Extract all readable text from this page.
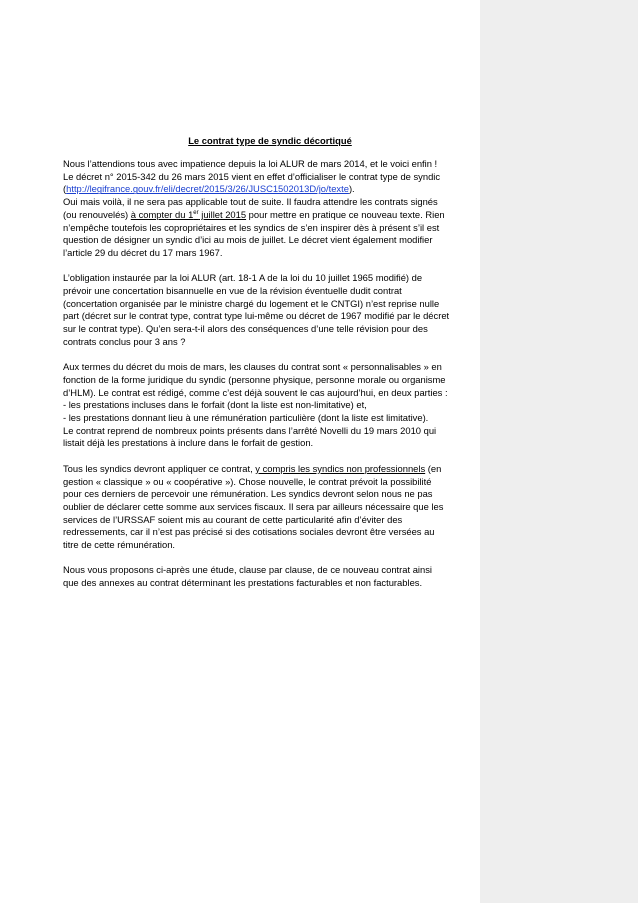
Le contrat type de syndic décortiqué

Nous l’attendions tous avec impatience depuis la loi ALUR de mars 2014, et le voici enfin !
Le décret n° 2015-342 du 26 mars 2015 vient en effet d’officialiser le contrat type de syndic
(http://legifrance.gouv.fr/eli/decret/2015/3/26/JUSC1502013D/jo/texte).
Oui mais voilà, il ne sera pas applicable tout de suite. Il faudra attendre les contrats signés
(ou renouvelés) à compter du 1er juillet 2015 pour mettre en pratique ce nouveau texte. Rien
n’empêche toutefois les copropriétaires et les syndics de s’en inspirer dès à présent s’il est
question de désigner un syndic d’ici au mois de juillet. Le décret vient également modifier
l’article 29 du décret du 17 mars 1967.

L’obligation instaurée par la loi ALUR (art. 18-1 A de la loi du 10 juillet 1965 modifié) de
prévoir une concertation bisannuelle en vue de la révision éventuelle dudit contrat
(concertation organisée par le ministre chargé du logement et le CNTGI) n’est reprise nulle
part (décret sur le contrat type, contrat type lui-même ou décret de 1967 modifié par le décret
sur le contrat type). Qu’en sera-t-il alors des conséquences d’une telle révision pour des
contrats conclus pour 3 ans ?

Aux termes du décret du mois de mars, les clauses du contrat sont « personnalisables » en
fonction de la forme juridique du syndic (personne physique, personne morale ou organisme
d’HLM). Le contrat est rédigé, comme c’est déjà souvent le cas aujourd’hui, en deux parties :
- les prestations incluses dans le forfait (dont la liste est non-limitative) et,
- les prestations donnant lieu à une rémunération particulière (dont la liste est limitative).
Le contrat reprend de nombreux points présents dans l’arrêté Novelli du 19 mars 2010 qui
listait déjà les prestations à inclure dans le forfait de gestion.

Tous les syndics devront appliquer ce contrat, y compris les syndics non professionnels (en
gestion « classique » ou « coopérative »). Chose nouvelle, le contrat prévoit la possibilité
pour ces derniers de percevoir une rémunération. Les syndics devront selon nous ne pas
oublier de déclarer cette somme aux services fiscaux. Il sera par ailleurs nécessaire que les
services de l’URSSAF soient mis au courant de cette particularité afin d’éviter des
redressements, car il n’est pas précisé si des cotisations sociales devront être versées au
titre de cette rémunération.

Nous vous proposons ci-après une étude, clause par clause, de ce nouveau contrat ainsi
que des annexes au contrat déterminant les prestations facturables et non facturables.
